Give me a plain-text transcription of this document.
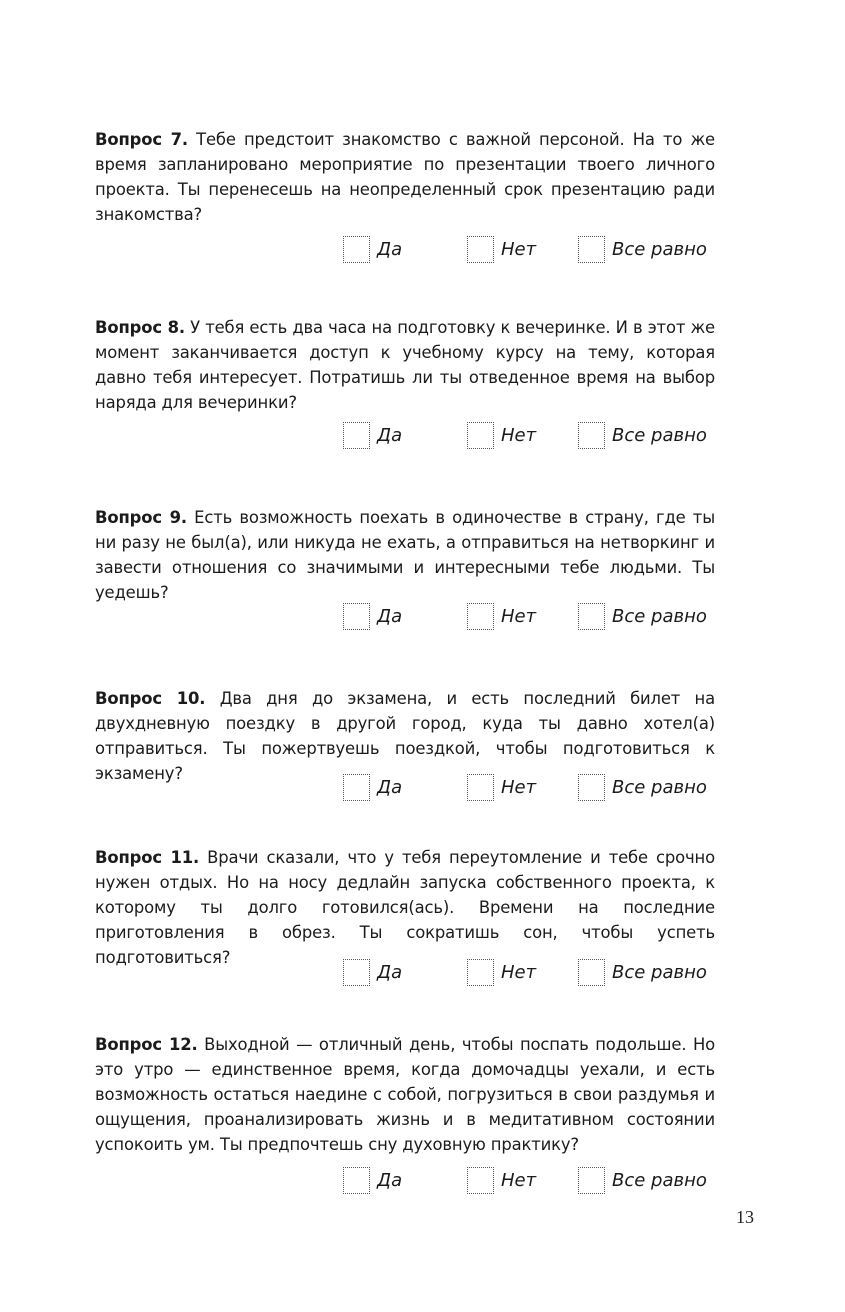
Вопрос 7. Тебе предстоит знакомство с важной персоной. На то же время запланировано мероприятие по презентации твоего личного проекта. Ты перенесешь на неопределенный срок презентацию ради знакомства?

Да	Нет	Все равно

Вопрос 8. У тебя есть два часа на подготовку к вечеринке. И в этот же момент заканчивается доступ к учебному курсу на тему, которая давно тебя интересует. Потратишь ли ты отведенное время на выбор наряда для вечеринки?

Да	Нет	Все равно

Вопрос 9. Есть возможность поехать в одиночестве в страну, где ты ни разу не был(а), или никуда не ехать, а отправиться на нетворкинг и завести отношения со значимыми и интересными тебе людьми. Ты уедешь?

Да	Нет	Все равно

Вопрос 10. Два дня до экзамена, и есть последний билет на двухдневную поездку в другой город, куда ты давно хотел(а) отправиться. Ты пожертвуешь поездкой, чтобы подготовиться к экзамену?

Да	Нет	Все равно

Вопрос 11. Врачи сказали, что у тебя переутомление и тебе срочно нужен отдых. Но на носу дедлайн запуска собственного проекта, к которому ты долго готовился(ась). Времени на последние приготовления в обрез. Ты сократишь сон, чтобы успеть подготовиться?

Да	Нет	Все равно

Вопрос 12. Выходной — отличный день, чтобы поспать подольше. Но это утро — единственное время, когда домочадцы уехали, и есть возможность остаться наедине с собой, погрузиться в свои раздумья и ощущения, проанализировать жизнь и в медитативном состоянии успокоить ум. Ты предпочтешь сну духовную практику?

Да	Нет	Все равно
13
